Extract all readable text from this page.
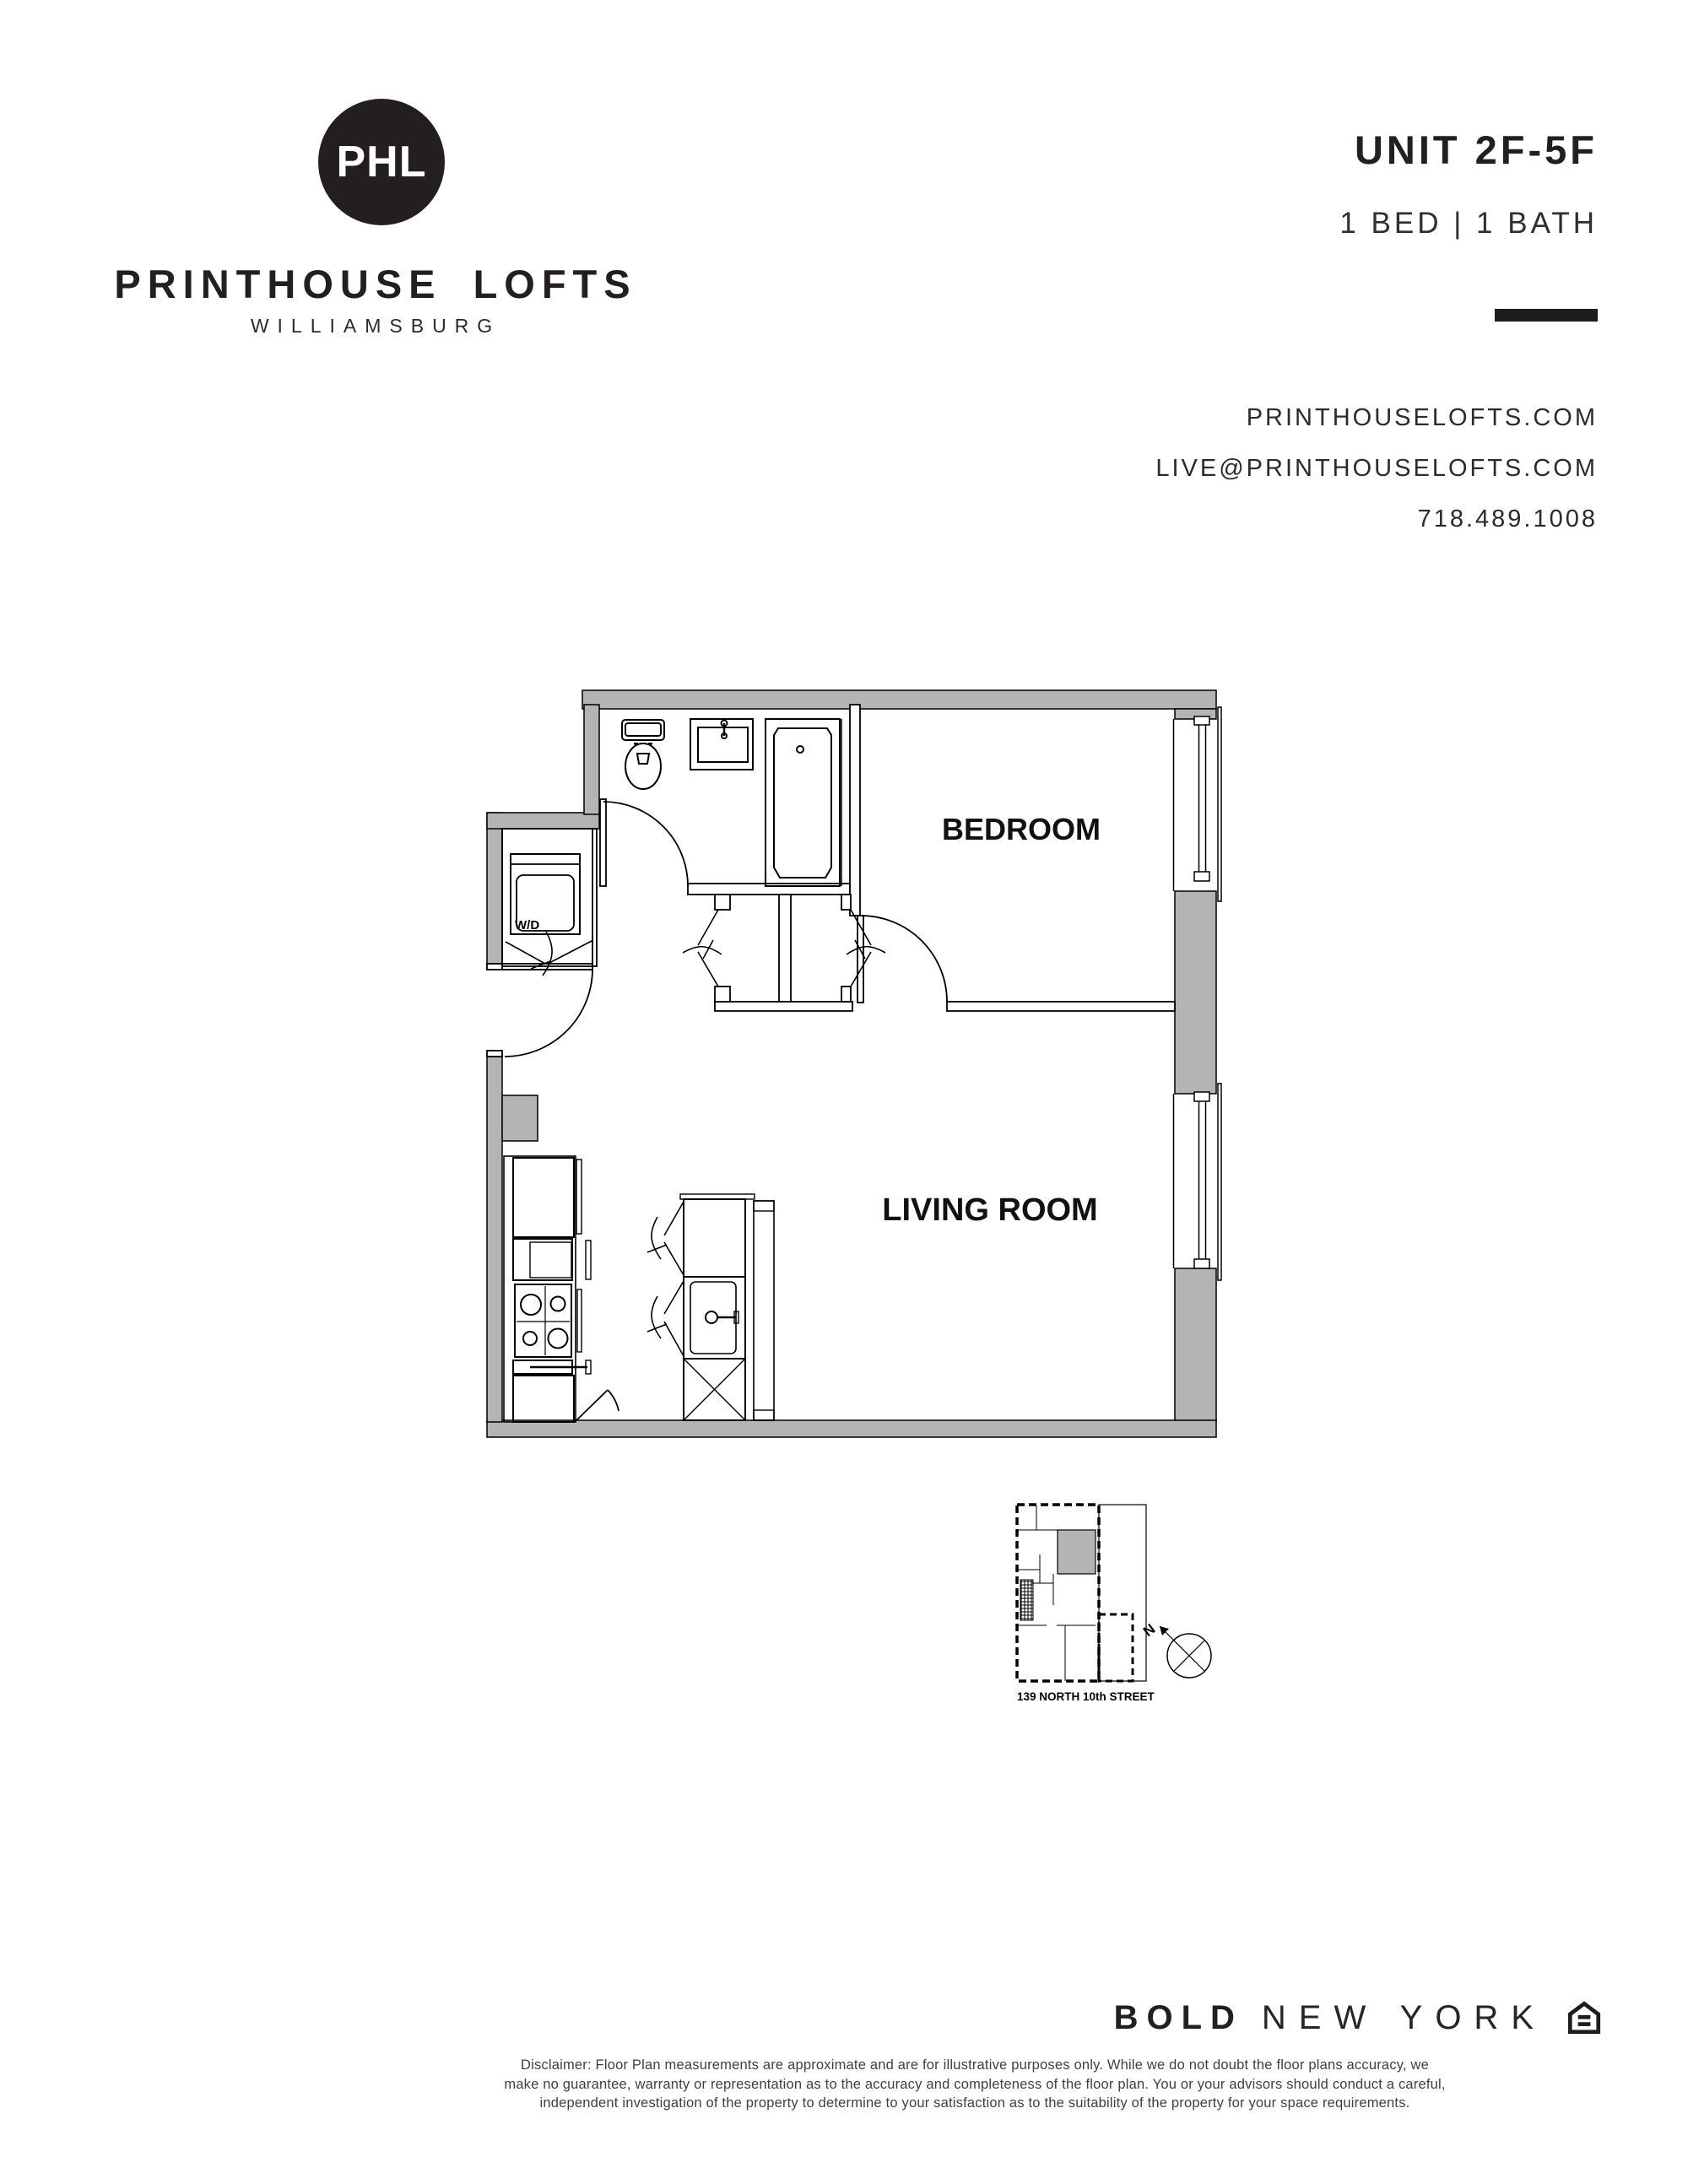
PHL
PRINTHOUSE LOFTS
WILLIAMSBURG
UNIT 2F-5F
1 BED | 1 BATH
PRINTHOUSELOFTS.COM
LIVE@PRINTHOUSELOFTS.COM
718.489.1008
W/D
BEDROOM
LIVING ROOM
139 NORTH 10th STREET
N
BOLD NEW YORK
Disclaimer: Floor Plan measurements are approximate and are for illustrative purposes only. While we do not doubt the floor plans accuracy, we
make no guarantee, warranty or representation as to the accuracy and completeness of the floor plan. You or your advisors should conduct a careful,
independent investigation of the property to determine to your satisfaction as to the suitability of the property for your space requirements.
